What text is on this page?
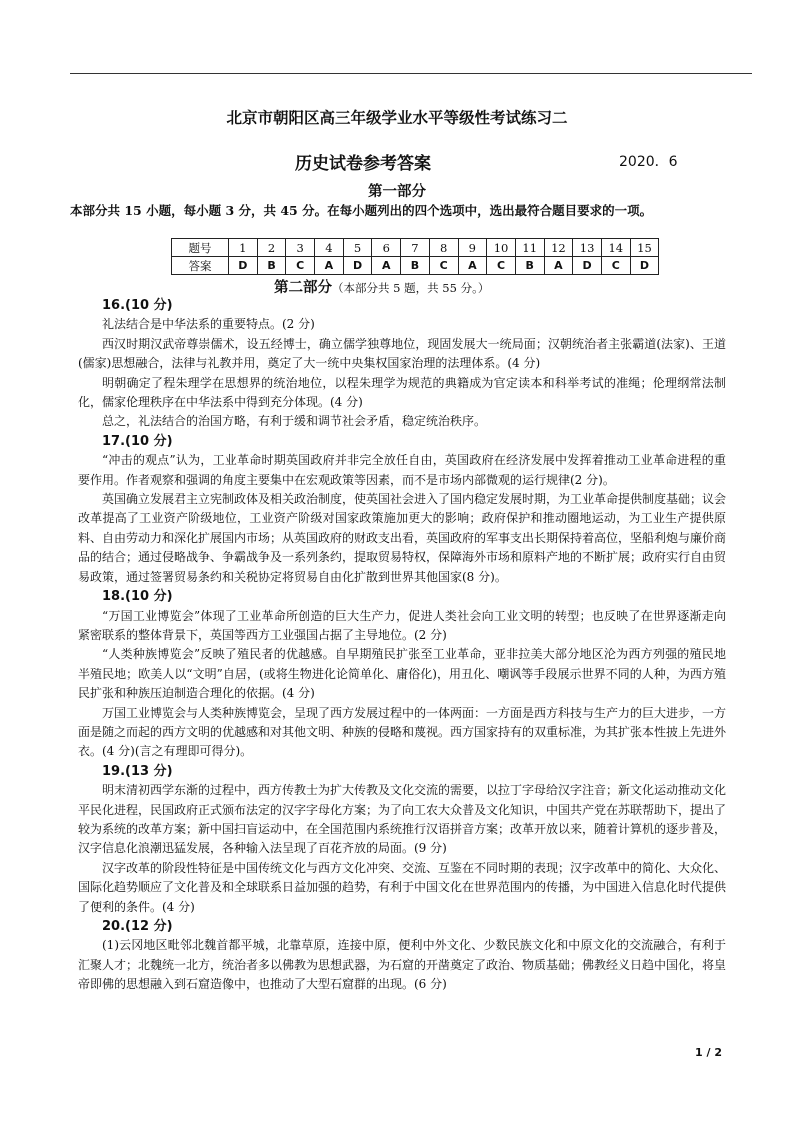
北京市朝阳区高三年级学业水平等级性考试练习二
历史试卷参考答案	2020．6
第一部分
本部分共 15 小题，每小题 3 分，共 45 分。在每小题列出的四个选项中，选出最符合题目要求的一项。
题号	1	2	3	4	5	6	7	8	9	10	11	12	13	14	15
答案	D	B	C	A	D	A	B	C	A	C	B	A	D	C	D
第二部分（本部分共 5 题，共 55 分。）
16.(10 分)

礼法结合是中华法系的重要特点。(2 分)

西汉时期汉武帝尊崇儒术，设五经博士，确立儒学独尊地位，现固发展大一统局面；汉朝统治者主张霸道(法家)、王道(儒家)思想融合，法律与礼教并用，奠定了大一统中央集权国家治理的法理体系。(4 分)

明朝确定了程朱理学在思想界的统治地位，以程朱理学为规范的典籍成为官定读本和科举考试的准绳；伦理纲常法制化，儒家伦理秩序在中华法系中得到充分体现。(4 分)

总之，礼法结合的治国方略，有利于缓和调节社会矛盾，稳定统治秩序。

17.(10 分)

“冲击的观点”认为，工业革命时期英国政府并非完全放任自由，英国政府在经济发展中发挥着推动工业革命进程的重要作用。作者观察和强调的角度主要集中在宏观政策等因素，而不是市场内部微观的运行规律(2 分)。

英国确立发展君主立宪制政体及相关政治制度，使英国社会进入了国内稳定发展时期，为工业革命提供制度基础；议会改革提高了工业资产阶级地位，工业资产阶级对国家政策施加更大的影响；政府保护和推动圈地运动，为工业生产提供原料、自由劳动力和深化扩展国内市场；从英国政府的财政支出看，英国政府的军事支出长期保持着高位，坚船利炮与廉价商品的结合；通过侵略战争、争霸战争及一系列条约，提取贸易特权，保障海外市场和原料产地的不断扩展；政府实行自由贸易政策，通过签署贸易条约和关税协定将贸易自由化扩散到世界其他国家(8 分)。

18.(10 分)

“万国工业博览会”体现了工业革命所创造的巨大生产力，促进人类社会向工业文明的转型；也反映了在世界逐渐走向紧密联系的整体背景下，英国等西方工业强国占据了主导地位。(2 分)

“人类种族博览会”反映了殖民者的优越感。自早期殖民扩张至工业革命，亚非拉美大部分地区沦为西方列强的殖民地半殖民地；欧美人以“文明”自居，(或将生物进化论简单化、庸俗化)，用丑化、嘲讽等手段展示世界不同的人种，为西方殖民扩张和种族压迫制造合理化的依据。(4 分)

万国工业博览会与人类种族博览会，呈现了西方发展过程中的一体两面：一方面是西方科技与生产力的巨大进步，一方面是随之而起的西方文明的优越感和对其他文明、种族的侵略和蔑视。西方国家持有的双重标准，为其扩张本性披上先进外衣。(4 分)(言之有理即可得分)。

19.(13 分)

明末清初西学东渐的过程中，西方传教士为扩大传教及文化交流的需要，以拉丁字母给汉字注音；新文化运动推动文化平民化进程，民国政府正式颁布法定的汉字字母化方案；为了向工农大众普及文化知识，中国共产党在苏联帮助下，提出了较为系统的改革方案；新中国扫盲运动中，在全国范围内系统推行汉语拼音方案；改革开放以来，随着计算机的逐步普及，汉字信息化浪潮迅猛发展，各种输入法呈现了百花齐放的局面。(9 分)

汉字改革的阶段性特征是中国传统文化与西方文化冲突、交流、互鉴在不同时期的表现；汉字改革中的简化、大众化、国际化趋势顺应了文化普及和全球联系日益加强的趋势，有利于中国文化在世界范围内的传播，为中国进入信息化时代提供了便利的条件。(4 分)

20.(12 分)

(1)云冈地区毗邻北魏首都平城，北靠草原，连接中原，便利中外文化、少数民族文化和中原文化的交流融合，有利于汇聚人才；北魏统一北方，统治者多以佛教为思想武器，为石窟的开凿奠定了政治、物质基础；佛教经义日趋中国化，将皇帝即佛的思想融入到石窟造像中，也推动了大型石窟群的出现。(6 分)

1 / 2
